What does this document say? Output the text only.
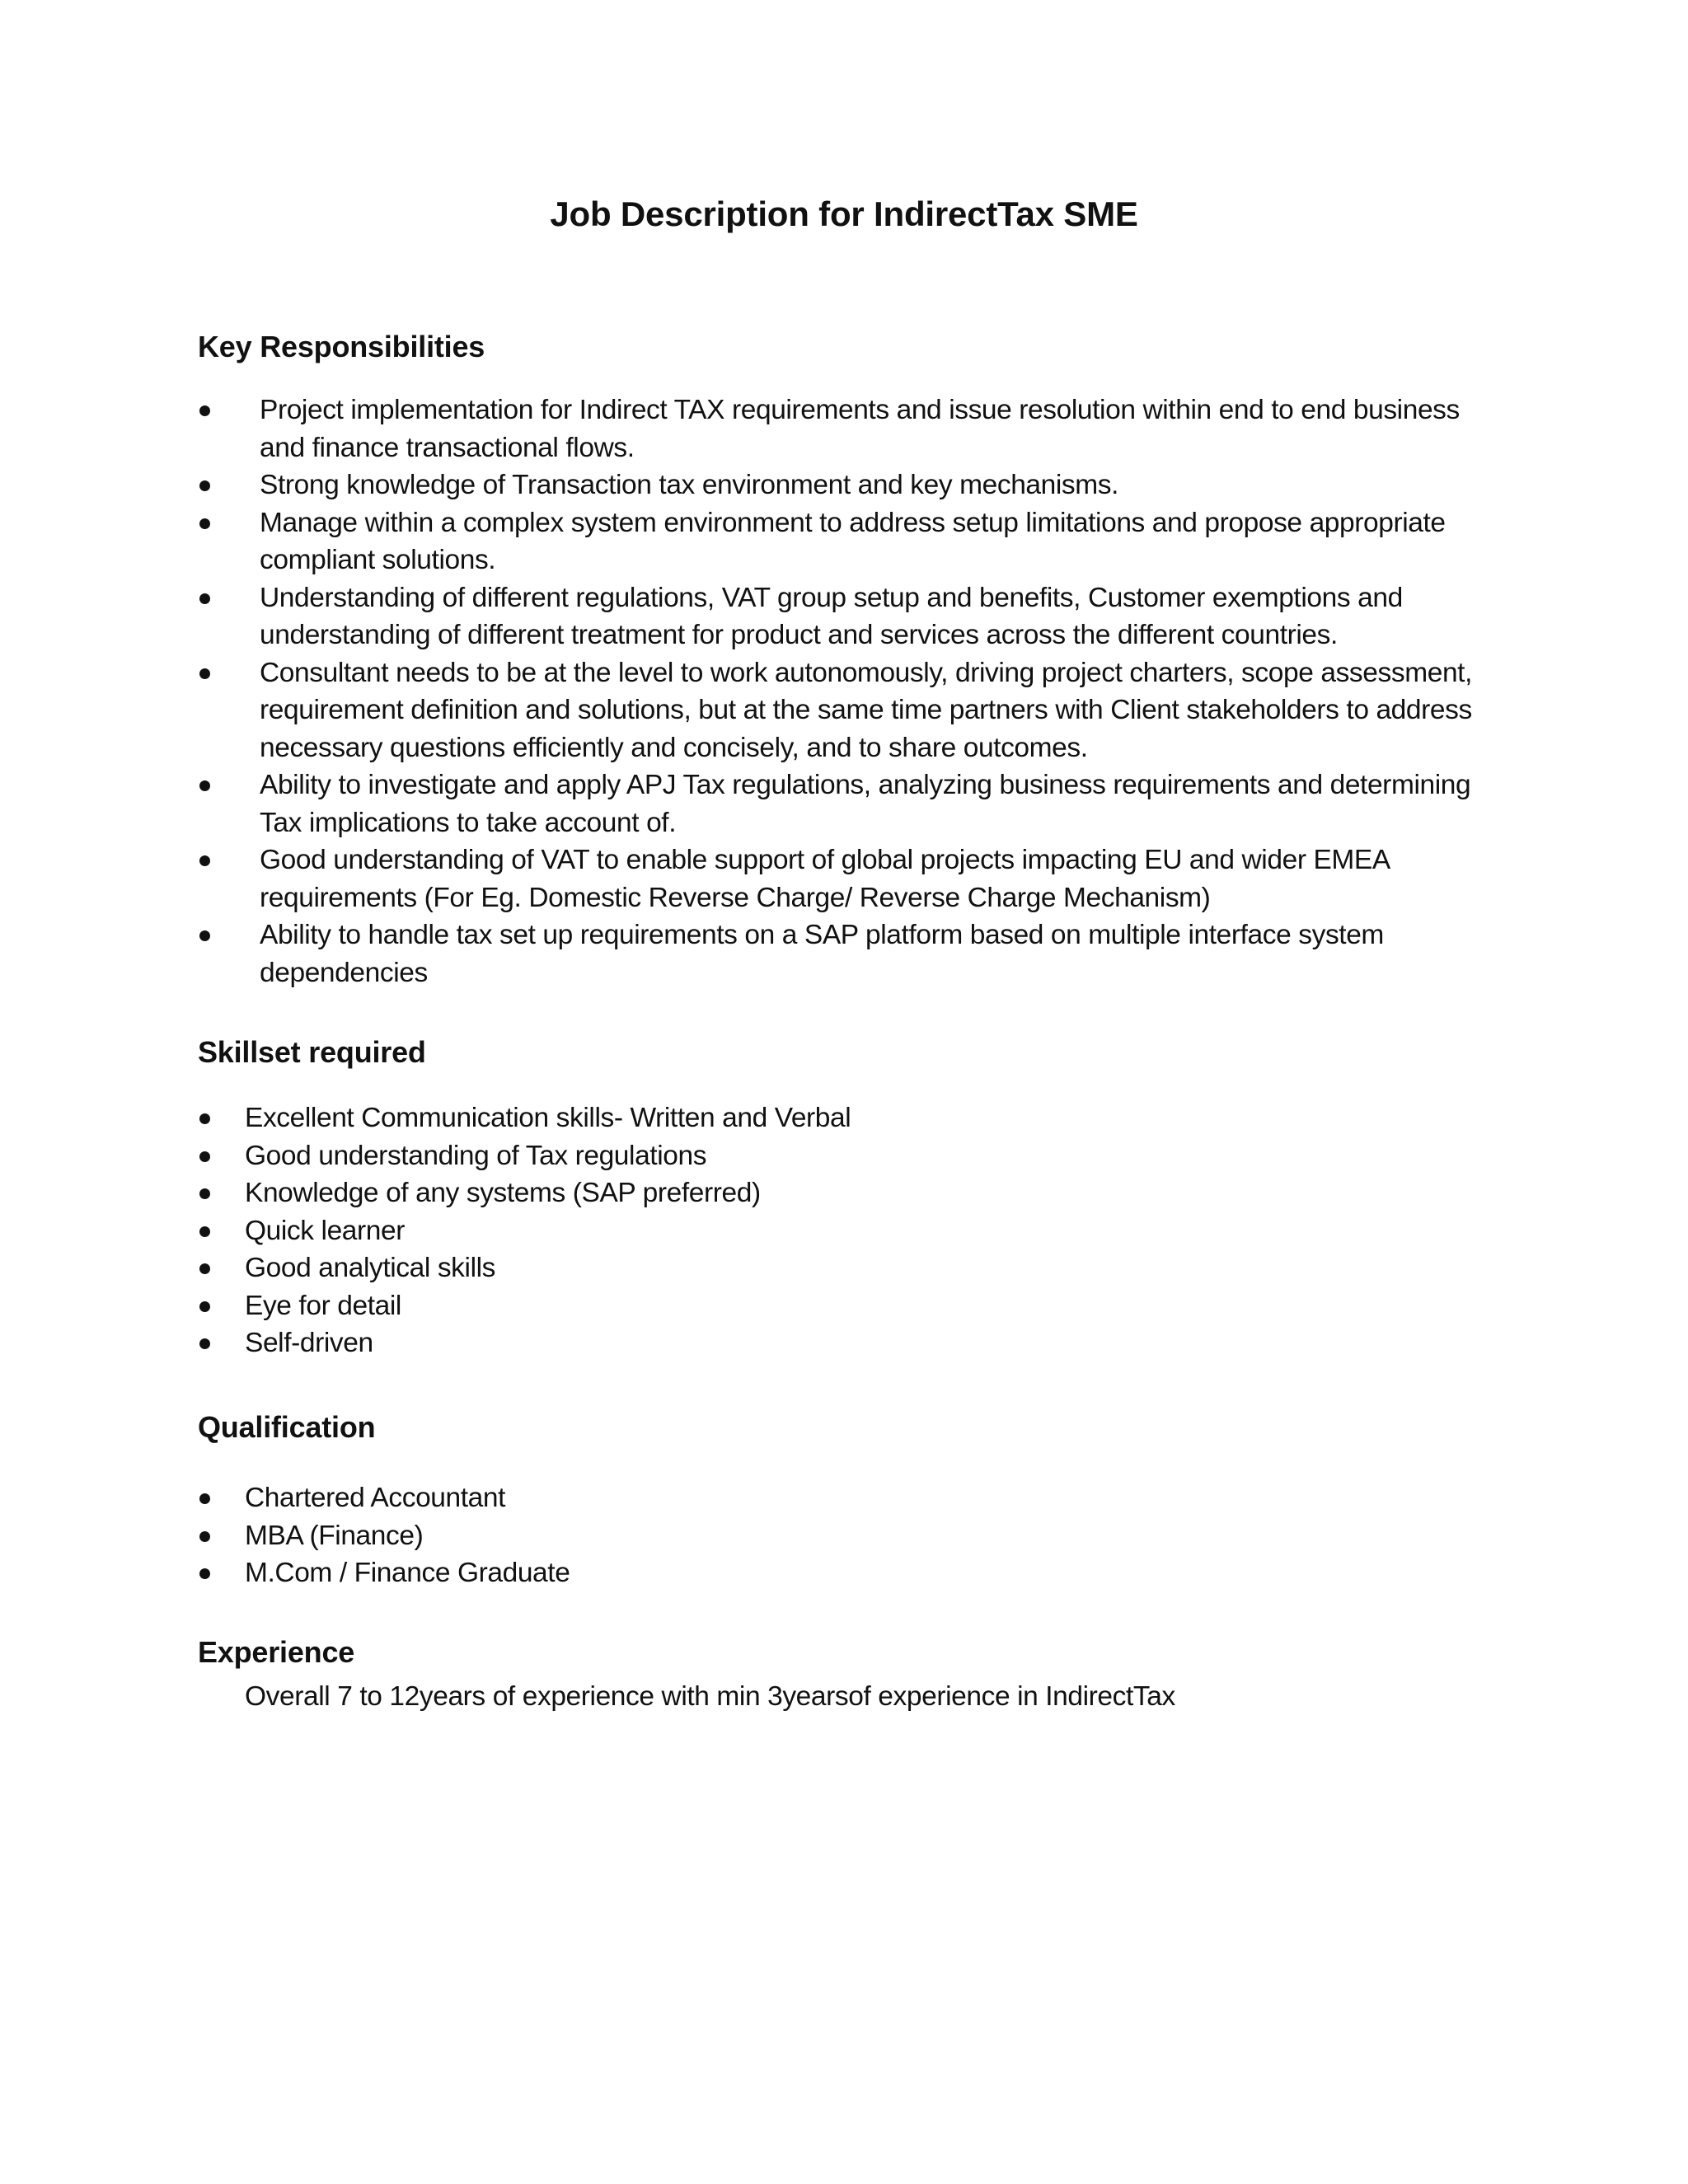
Job Description for IndirectTax SME
Key Responsibilities
Project implementation for Indirect TAX requirements and issue resolution within end to end business and finance transactional flows.
Strong knowledge of Transaction tax environment and key mechanisms.
Manage within a complex system environment to address setup limitations and propose appropriate compliant solutions.
Understanding of different regulations, VAT group setup and benefits, Customer exemptions and understanding of different treatment for product and services across the different countries.
Consultant needs to be at the level to work autonomously, driving project charters, scope assessment, requirement definition and solutions, but at the same time partners with Client stakeholders to address necessary questions efficiently and concisely, and to share outcomes.
Ability to investigate and apply APJ Tax regulations, analyzing business requirements and determining Tax implications to take account of.
Good understanding of VAT to enable support of global projects impacting EU and wider EMEA requirements (For Eg. Domestic Reverse Charge/ Reverse Charge Mechanism)
Ability to handle tax set up requirements on a SAP platform based on multiple interface system dependencies
Skillset required
Excellent Communication skills- Written and Verbal
Good understanding of Tax regulations
Knowledge of any systems (SAP preferred)
Quick learner
Good analytical skills
Eye for detail
Self-driven
Qualification
Chartered Accountant
MBA (Finance)
M.Com / Finance Graduate
Experience

Overall 7 to 12years of experience with min 3yearsof experience in IndirectTax
